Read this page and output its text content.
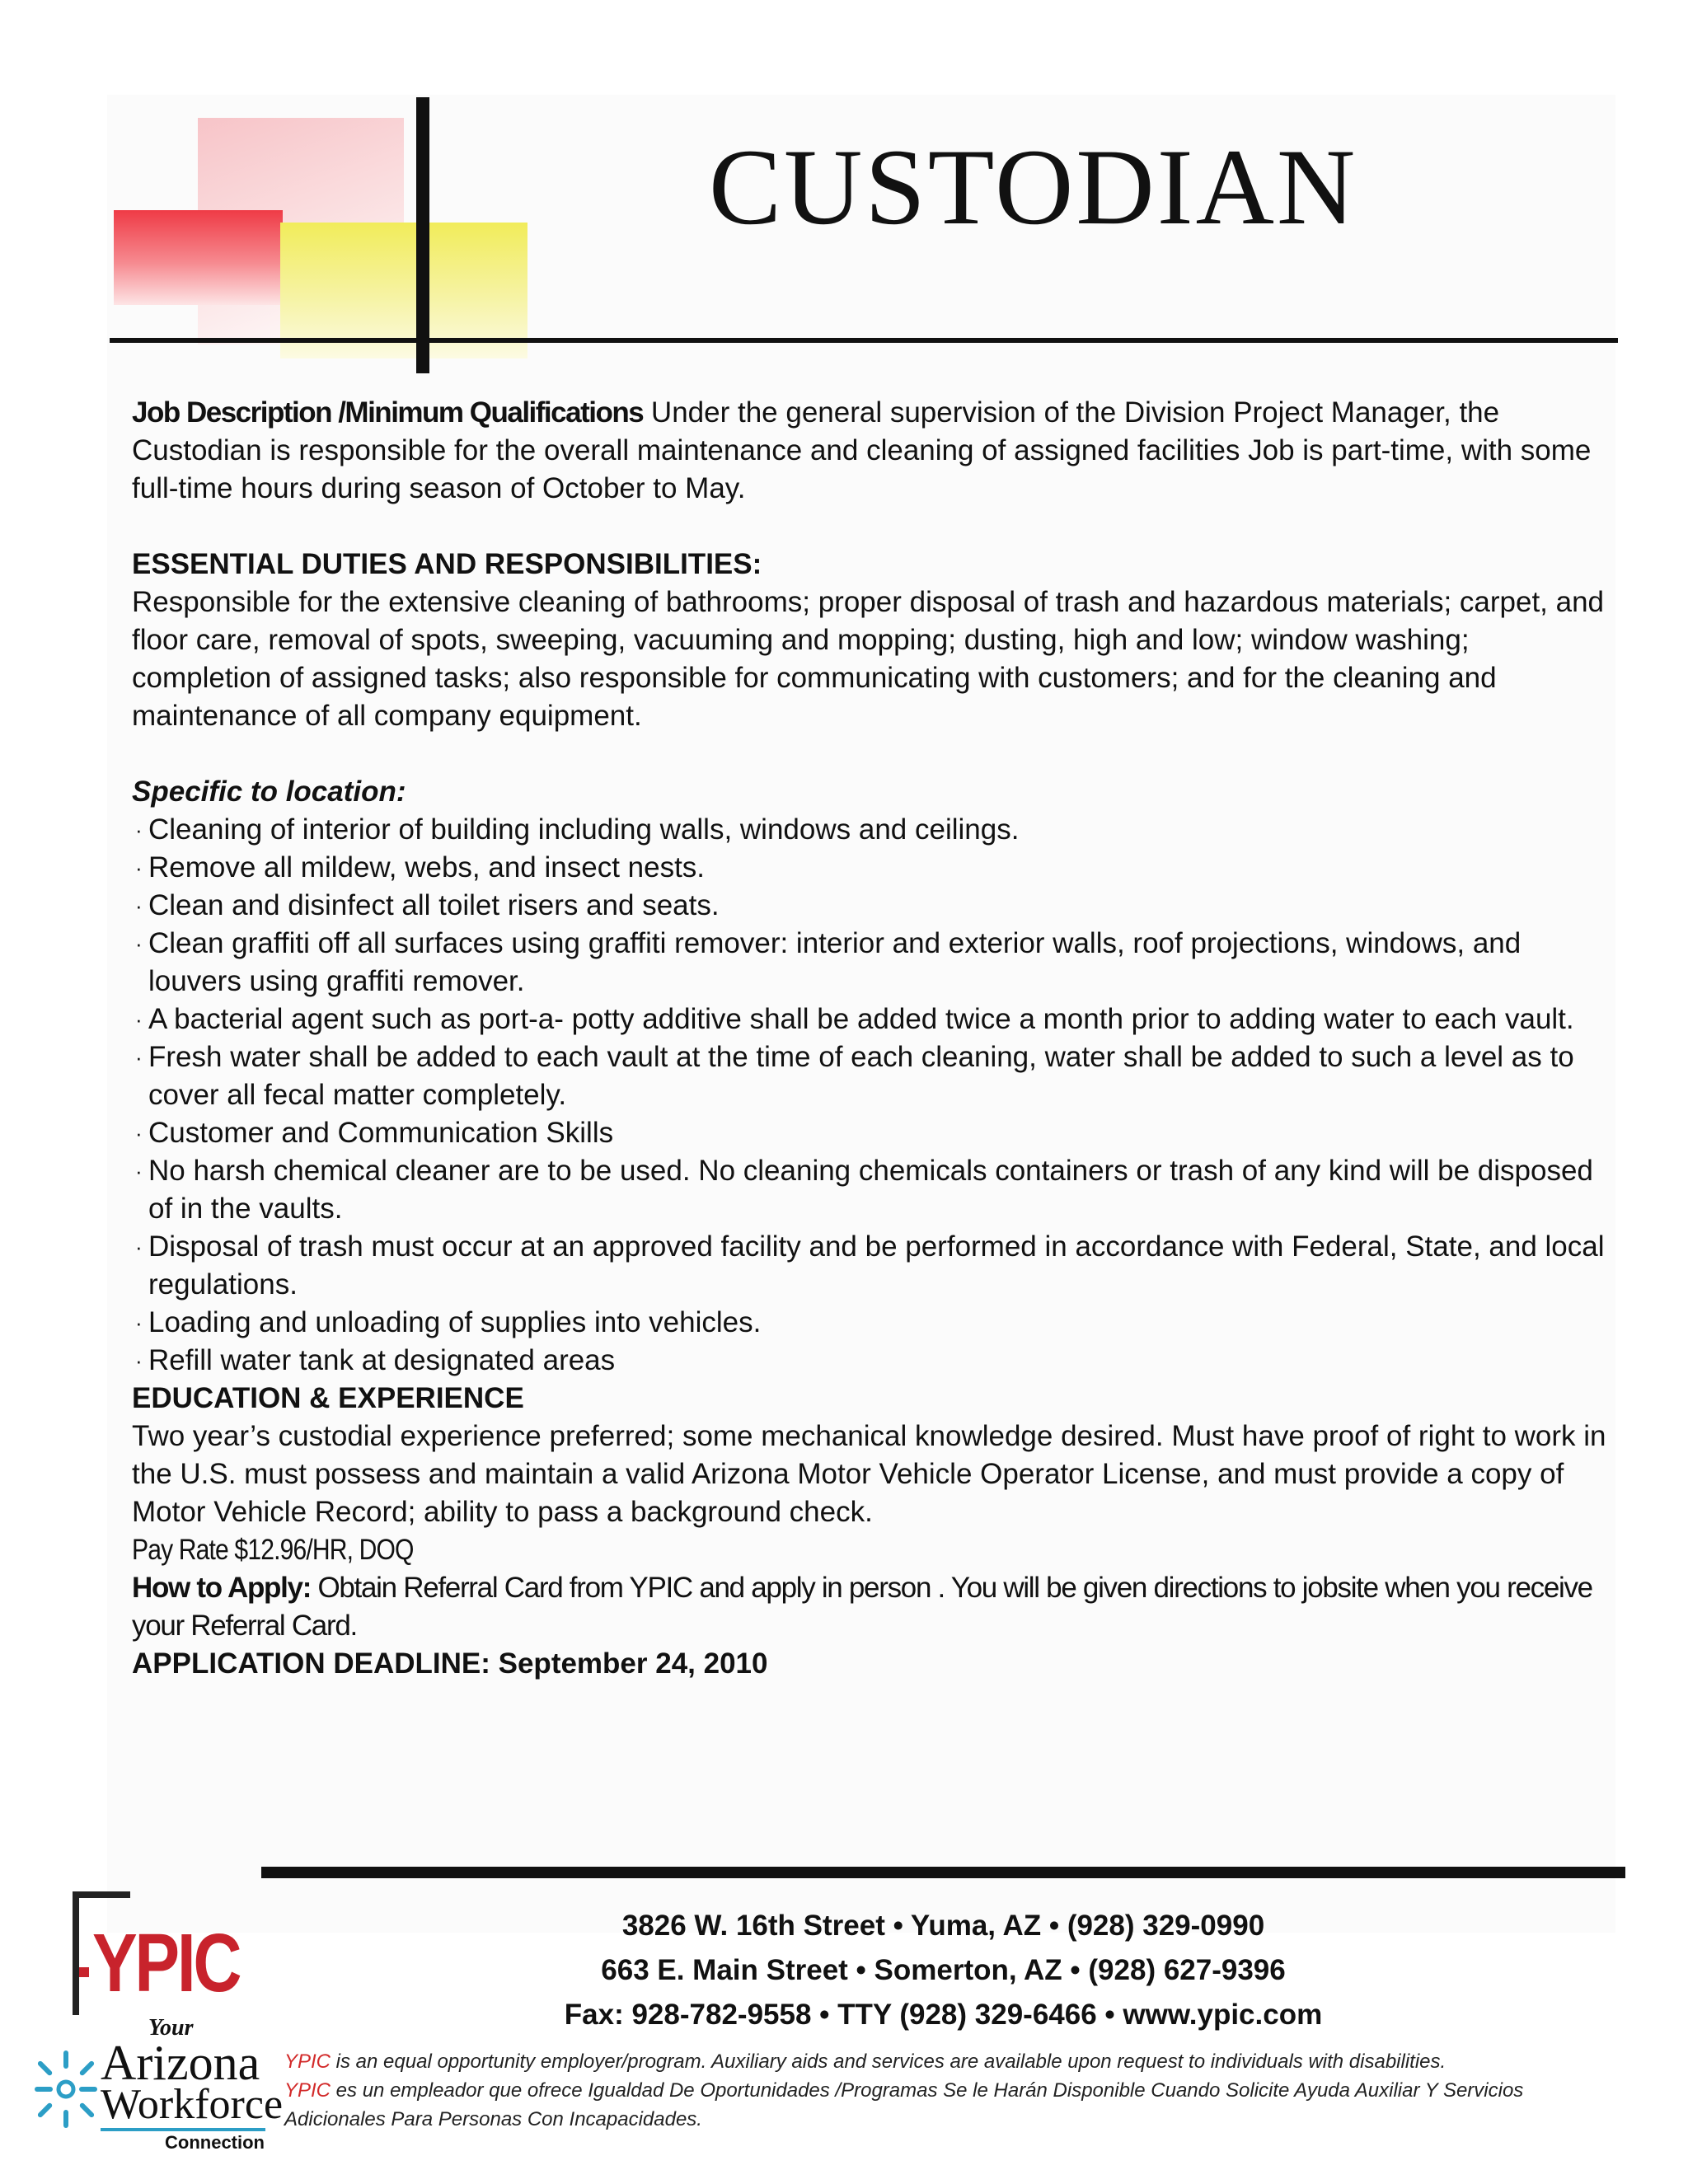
CUSTODIAN

Job Description /Minimum Qualifications Under the general supervision of the Division Project Manager, the Custodian is responsible for the overall maintenance and cleaning of assigned facilities Job is part-time, with some full-time hours during season of October to May.

ESSENTIAL DUTIES AND RESPONSIBILITIES:

Responsible for the extensive cleaning of bathrooms; proper disposal of trash and hazardous materials; carpet, and floor care, removal of spots, sweeping, vacuuming and mopping; dusting, high and low; window washing; completion of assigned tasks; also responsible for communicating with customers; and for the cleaning and maintenance of all company equipment.

Specific to location:

· Cleaning of interior of building including walls, windows and ceilings.
· Remove all mildew, webs, and insect nests.
· Clean and disinfect all toilet risers and seats.
· Clean graffiti off all surfaces using graffiti remover: interior and exterior walls, roof projections, windows, and louvers using graffiti remover.
· A bacterial agent such as port-a- potty additive shall be added twice a month prior to adding water to each vault.
· Fresh water shall be added to each vault at the time of each cleaning, water shall be added to such a level as to cover all fecal matter completely.
· Customer and Communication Skills
· No harsh chemical cleaner are to be used. No cleaning chemicals containers or trash of any kind will be disposed of in the vaults.
· Disposal of trash must occur at an approved facility and be performed in accordance with Federal, State, and local regulations.
· Loading and unloading of supplies into vehicles.
· Refill water tank at designated areas

EDUCATION & EXPERIENCE

Two year’s custodial experience preferred; some mechanical knowledge desired. Must have proof of right to work in the U.S. must possess and maintain a valid Arizona Motor Vehicle Operator License, and must provide a copy of Motor Vehicle Record; ability to pass a background check.

Pay Rate $12.96/HR, DOQ

How to Apply: Obtain Referral Card from YPIC and apply in person . You will be given directions to jobsite when you receive your Referral Card.

APPLICATION DEADLINE: September 24, 2010

3826 W. 16th Street • Yuma, AZ • (928) 329-0990
663 E. Main Street • Somerton, AZ • (928) 627-9396
Fax: 928-782-9558 • TTY (928) 329-6466 • www.ypic.com
YPIC is an equal opportunity employer/program. Auxiliary aids and services are available upon request to individuals with disabilities.
YPIC es un empleador que ofrece Igualdad De Oportunidades /Programas Se le Harán Disponible Cuando Solicite Ayuda Auxiliar Y Servicios Adicionales Para Personas Con Incapacidades.
YPIC
Your
Arizona
Workforce
Connection
